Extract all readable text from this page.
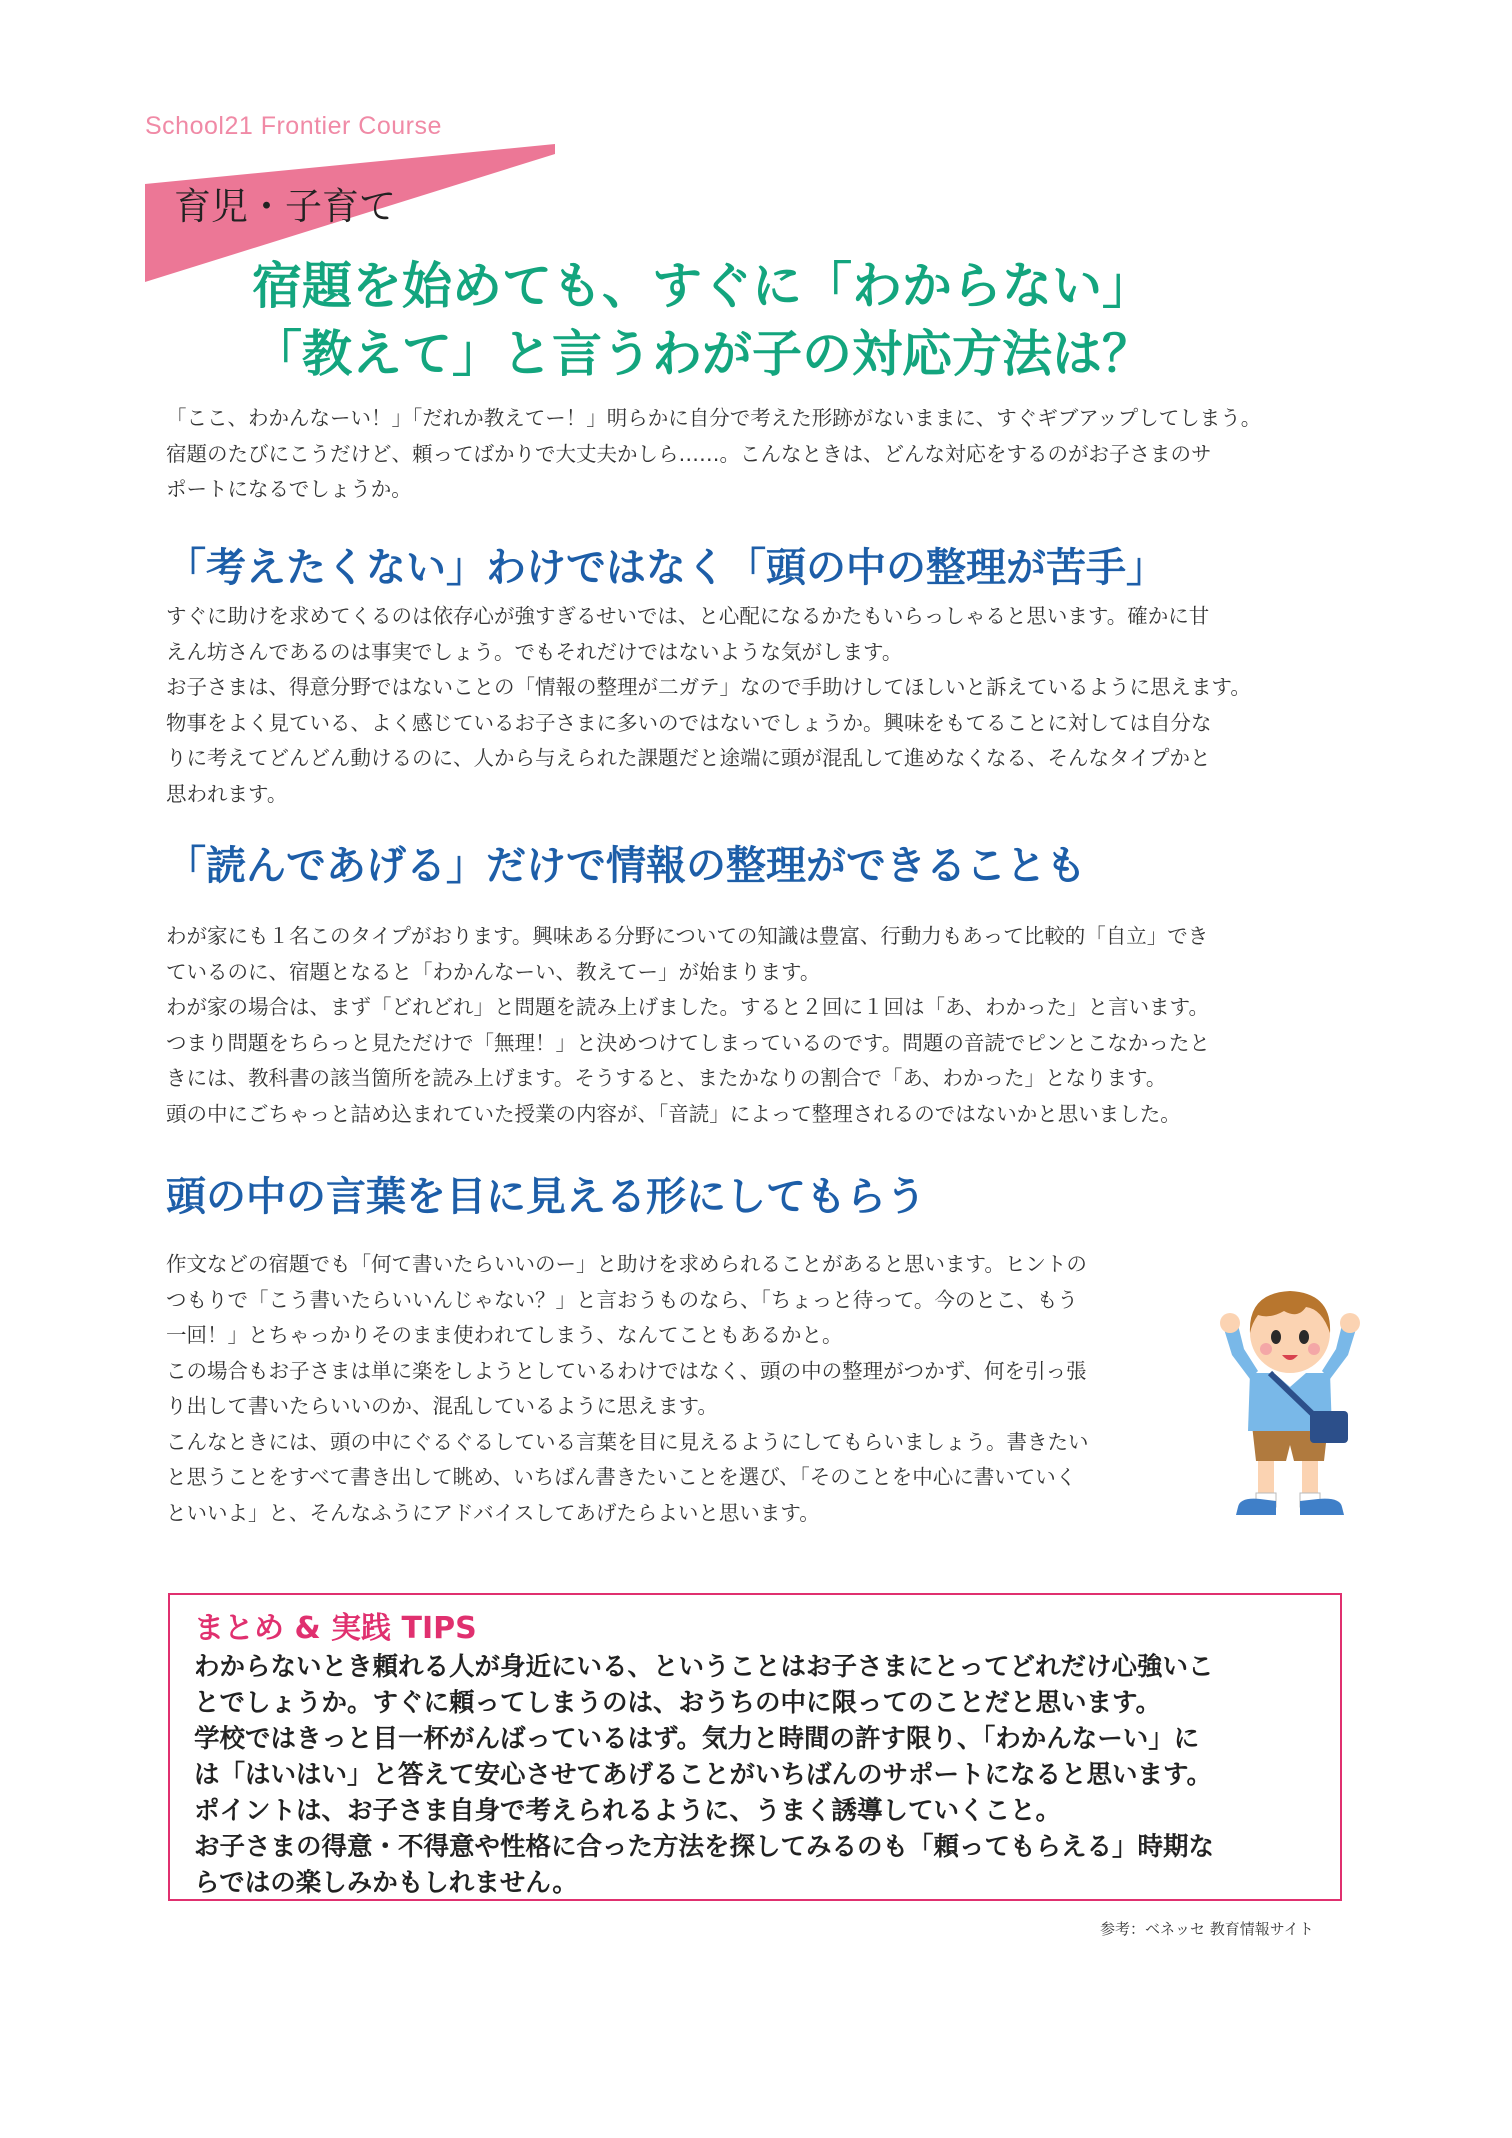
School21 Frontier Course
育児・子育て
宿題を始めても、すぐに「わからない」
「教えて」と言うわが子の対応方法は？

「ここ、わかんなーい！」「だれか教えてー！」明らかに自分で考えた形跡がないままに、すぐギブアップしてしまう。
宿題のたびにこうだけど、頼ってばかりで大丈夫かしら……。こんなときは、どんな対応をするのがお子さまのサ
ポートになるでしょうか。

「考えたくない」わけではなく「頭の中の整理が苦手」

すぐに助けを求めてくるのは依存心が強すぎるせいでは、と心配になるかたもいらっしゃると思います。確かに甘
えん坊さんであるのは事実でしょう。でもそれだけではないような気がします。
お子さまは、得意分野ではないことの「情報の整理が二ガテ」なので手助けしてほしいと訴えているように思えます。
物事をよく見ている、よく感じているお子さまに多いのではないでしょうか。興味をもてることに対しては自分な
りに考えてどんどん動けるのに、人から与えられた課題だと途端に頭が混乱して進めなくなる、そんなタイプかと
思われます。

「読んであげる」だけで情報の整理ができることも

わが家にも１名このタイプがおります。興味ある分野についての知識は豊富、行動力もあって比較的「自立」でき
ているのに、宿題となると「わかんなーい、教えてー」が始まります。
わが家の場合は、まず「どれどれ」と問題を読み上げました。すると２回に１回は「あ、わかった」と言います。
つまり問題をちらっと見ただけで「無理！」と決めつけてしまっているのです。問題の音読でピンとこなかったと
きには、教科書の該当箇所を読み上げます。そうすると、またかなりの割合で「あ、わかった」となります。
頭の中にごちゃっと詰め込まれていた授業の内容が、「音読」によって整理されるのではないかと思いました。

頭の中の言葉を目に見える形にしてもらう

作文などの宿題でも「何て書いたらいいのー」と助けを求められることがあると思います。ヒントの
つもりで「こう書いたらいいんじゃない？」と言おうものなら、「ちょっと待って。今のとこ、もう
一回！」とちゃっかりそのまま使われてしまう、なんてこともあるかと。
この場合もお子さまは単に楽をしようとしているわけではなく、頭の中の整理がつかず、何を引っ張
り出して書いたらいいのか、混乱しているように思えます。
こんなときには、頭の中にぐるぐるしている言葉を目に見えるようにしてもらいましょう。書きたい
と思うことをすべて書き出して眺め、いちばん書きたいことを選び、「そのことを中心に書いていく
といいよ」と、そんなふうにアドバイスしてあげたらよいと思います。

まとめ & 実践 TIPS

わからないとき頼れる人が身近にいる、ということはお子さまにとってどれだけ心強いこ
とでしょうか。すぐに頼ってしまうのは、おうちの中に限ってのことだと思います。
学校ではきっと目一杯がんばっているはず。気力と時間の許す限り、「わかんなーい」に
は「はいはい」と答えて安心させてあげることがいちばんのサポートになると思います。
ポイントは、お子さま自身で考えられるように、うまく誘導していくこと。
お子さまの得意・不得意や性格に合った方法を探してみるのも「頼ってもらえる」時期な
らではの楽しみかもしれません。

参考：ベネッセ 教育情報サイト
